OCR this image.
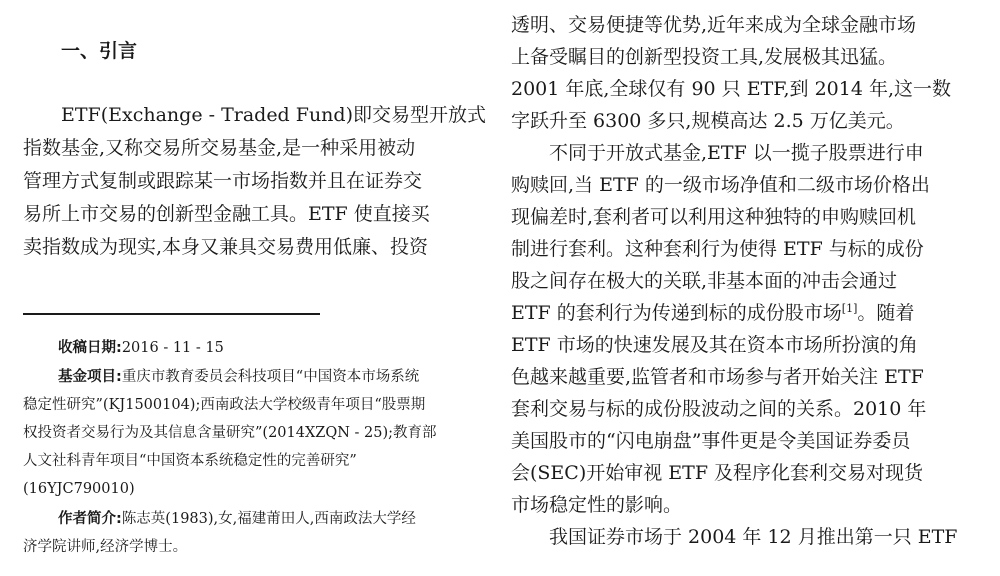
一、引言
ETF(Exchange - Traded Fund)即交易型开放式
指数基金,又称交易所交易基金,是一种采用被动
管理方式复制或跟踪某一市场指数并且在证券交
易所上市交易的创新型金融工具。ETF 使直接买
卖指数成为现实,本身又兼具交易费用低廉、投资
收稿日期:2016 - 11 - 15
基金项目:重庆市教育委员会科技项目“中国资本市场系统
稳定性研究”(KJ1500104);西南政法大学校级青年项目“股票期
权投资者交易行为及其信息含量研究”(2014XZQN - 25);教育部
人文社科青年项目“中国资本系统稳定性的完善研究”
(16YJC790010)
作者简介:陈志英(1983),女,福建莆田人,西南政法大学经
济学院讲师,经济学博士。
透明、交易便捷等优势,近年来成为全球金融市场
上备受瞩目的创新型投资工具,发展极其迅猛。
2001 年底,全球仅有 90 只 ETF,到 2014 年,这一数
字跃升至 6300 多只,规模高达 2.5 万亿美元。
不同于开放式基金,ETF 以一揽子股票进行申
购赎回,当 ETF 的一级市场净值和二级市场价格出
现偏差时,套利者可以利用这种独特的申购赎回机
制进行套利。这种套利行为使得 ETF 与标的成份
股之间存在极大的关联,非基本面的冲击会通过
ETF 的套利行为传递到标的成份股市场[1]。随着
ETF 市场的快速发展及其在资本市场所扮演的角
色越来越重要,监管者和市场参与者开始关注 ETF
套利交易与标的成份股波动之间的关系。2010 年
美国股市的“闪电崩盘”事件更是令美国证券委员
会(SEC)开始审视 ETF 及程序化套利交易对现货
市场稳定性的影响。
我国证券市场于 2004 年 12 月推出第一只 ETF
